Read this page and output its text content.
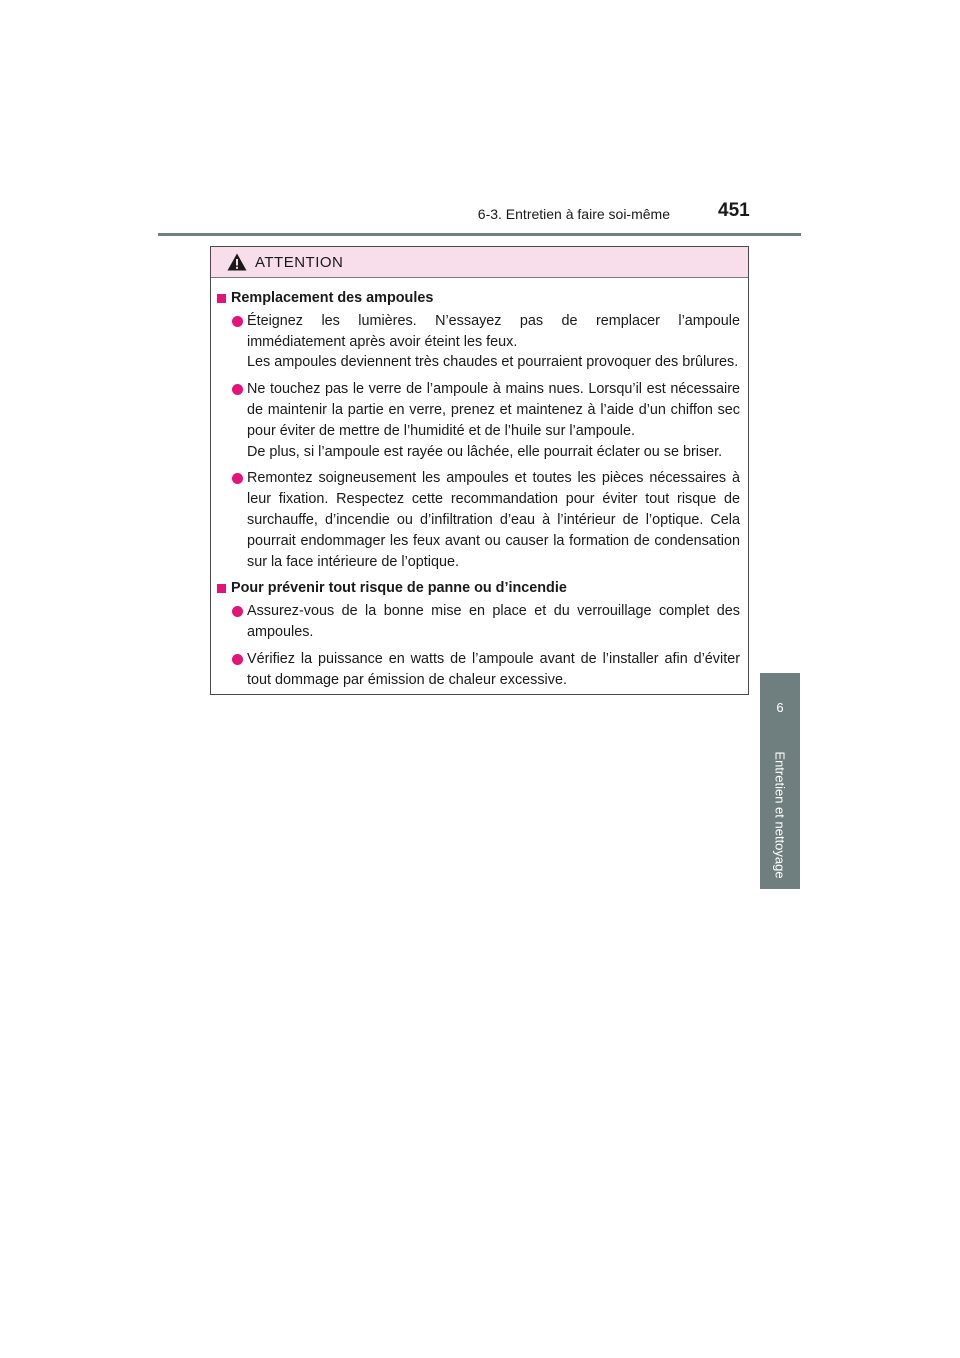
6-3. Entretien à faire soi-même	451
6
Entretien et nettoyage
ATTENTION
Remplacement des ampoules

Éteignez les lumières. N’essayez pas de remplacer l’ampoule immédiatement après avoir éteint les feux.

Les ampoules deviennent très chaudes et pourraient provoquer des brûlures.

Ne touchez pas le verre de l’ampoule à mains nues. Lorsqu’il est nécessaire de maintenir la partie en verre, prenez et maintenez à l’aide d’un chiffon sec pour éviter de mettre de l’humidité et de l’huile sur l’ampoule.

De plus, si l’ampoule est rayée ou lâchée, elle pourrait éclater ou se briser.

Remontez soigneusement les ampoules et toutes les pièces nécessaires à leur fixation. Respectez cette recommandation pour éviter tout risque de surchauffe, d’incendie ou d’infiltration d’eau à l’intérieur de l’optique. Cela pourrait endommager les feux avant ou causer la formation de condensation sur la face intérieure de l’optique.

Pour prévenir tout risque de panne ou d’incendie

Assurez-vous de la bonne mise en place et du verrouillage complet des ampoules.

Vérifiez la puissance en watts de l’ampoule avant de l’installer afin d’éviter tout dommage par émission de chaleur excessive.
